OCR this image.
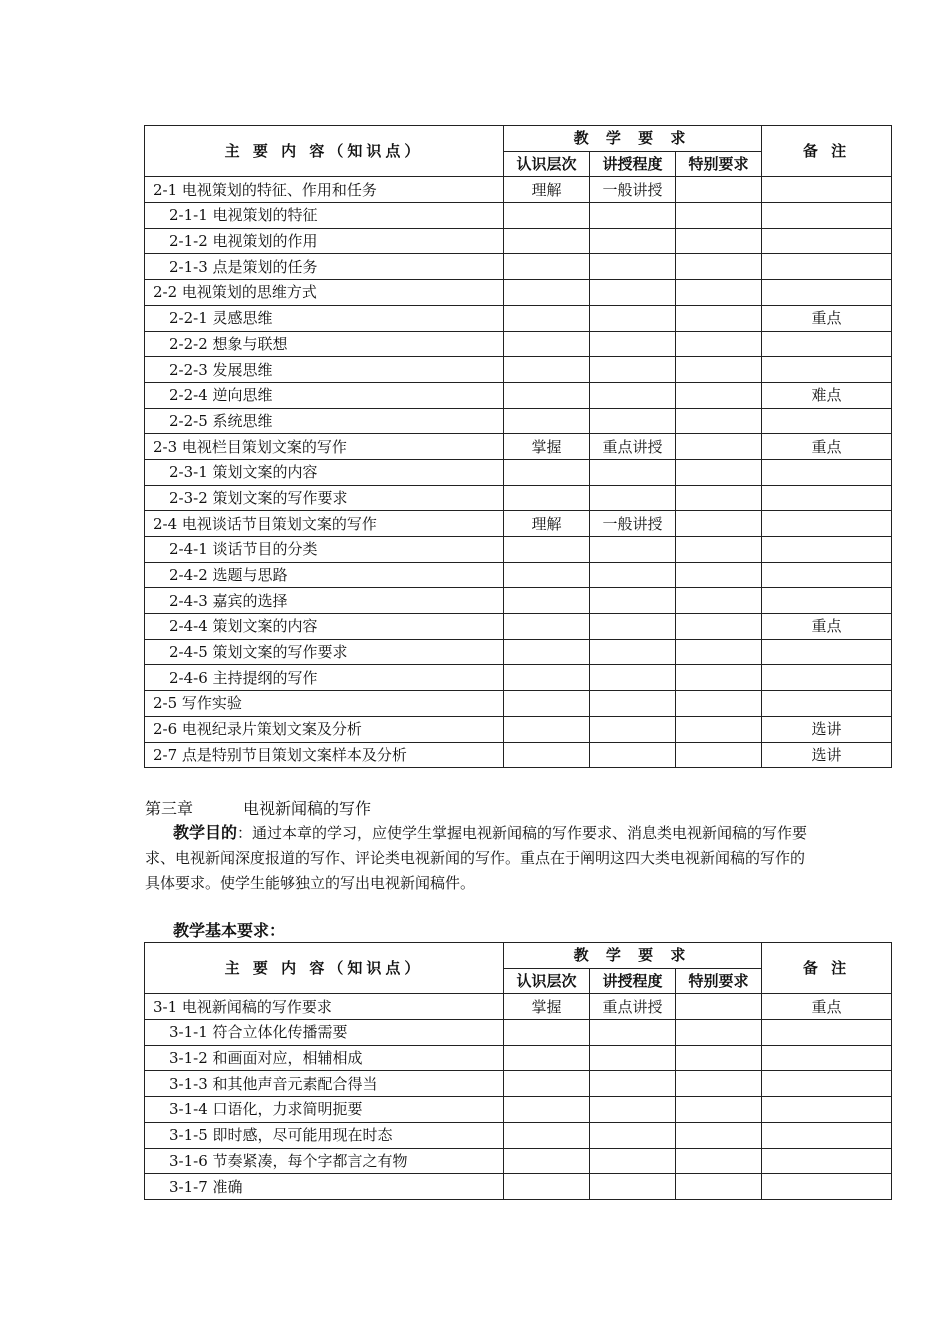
主 要 内 容（知识点）	教 学 要 求			备 注
	认识层次	讲授程度	特别要求	
2-1 电视策划的特征、作用和任务	理解	一般讲授		
2-1-1 电视策划的特征				
2-1-2 电视策划的作用				
2-1-3 点是策划的任务				
2-2 电视策划的思维方式				
2-2-1 灵感思维				重点
2-2-2 想象与联想				
2-2-3 发展思维				
2-2-4 逆向思维				难点
2-2-5 系统思维				
2-3 电视栏目策划文案的写作	掌握	重点讲授		重点
2-3-1 策划文案的内容				
2-3-2 策划文案的写作要求				
2-4 电视谈话节目策划文案的写作	理解	一般讲授		
2-4-1 谈话节目的分类				
2-4-2 选题与思路				
2-4-3 嘉宾的选择				
2-4-4 策划文案的内容				重点
2-4-5 策划文案的写作要求				
2-4-6 主持提纲的写作				
2-5 写作实验				
2-6 电视纪录片策划文案及分析				选讲
2-7 点是特别节目策划文案样本及分析				选讲
第三章	电视新闻稿的写作
教学目的：通过本章的学习，应使学生掌握电视新闻稿的写作要求、消息类电视新闻稿的写作要求、电视新闻深度报道的写作、评论类电视新闻的写作。重点在于阐明这四大类电视新闻稿的写作的具体要求。使学生能够独立的写出电视新闻稿件。
教学基本要求：
主 要 内 容（知识点）	教 学 要 求			备 注
	认识层次	讲授程度	特别要求	
3-1 电视新闻稿的写作要求	掌握	重点讲授		重点
3-1-1 符合立体化传播需要				
3-1-2 和画面对应，相辅相成				
3-1-3 和其他声音元素配合得当				
3-1-4 口语化，力求简明扼要				
3-1-5 即时感，尽可能用现在时态				
3-1-6 节奏紧凑，每个字都言之有物				
3-1-7 准确				
